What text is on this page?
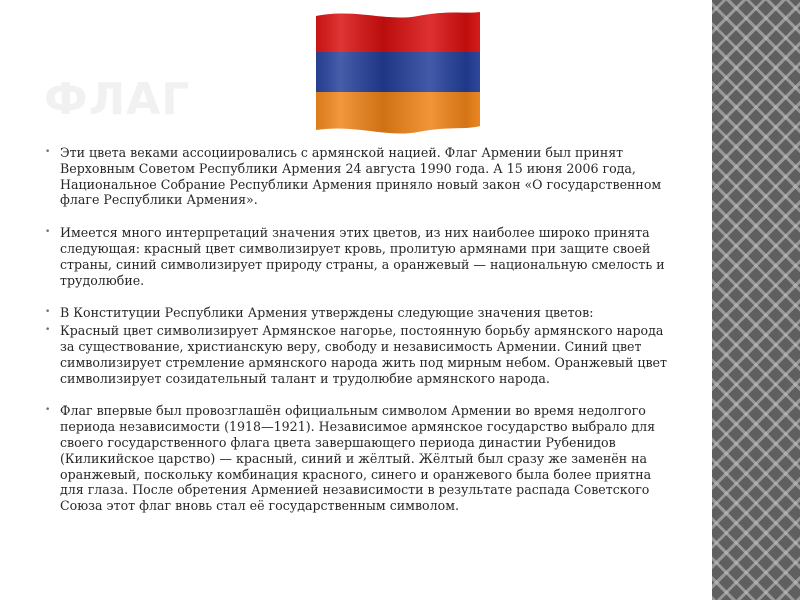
ФЛАГ

• Эти цвета веками ассоциировались с армянской нацией. Флаг Армении был принят Верховным Советом Республики Армения 24 августа 1990 года. А 15 июня 2006 года, Национальное Собрание Республики Армения приняло новый закон «О государственном флаге Республики Армения».

• Имеется много интерпретаций значения этих цветов, из них наиболее широко принята следующая: красный цвет символизирует кровь, пролитую армянами при защите своей страны, синий символизирует природу страны, а оранжевый — национальную смелость и трудолюбие.

• В Конституции Республики Армения утверждены следующие значения цветов:

• Красный цвет символизирует Армянское нагорье, постоянную борьбу армянского народа за существование, христианскую веру, свободу и независимость Армении. Синий цвет символизирует стремление армянского народа жить под мирным небом. Оранжевый цвет символизирует созидательный талант и трудолюбие армянского народа.

• Флаг впервые был провозглашён официальным символом Армении во время недолгого периода независимости (1918—1921). Независимое армянское государство выбрало для своего государственного флага цвета завершающего периода династии Рубенидов (Киликийское царство) — красный, синий и жёлтый. Жёлтый был сразу же заменён на оранжевый, поскольку комбинация красного, синего и оранжевого была более приятна для глаза. После обретения Арменией независимости в результате распада Советского Союза этот флаг вновь стал её государственным символом.
